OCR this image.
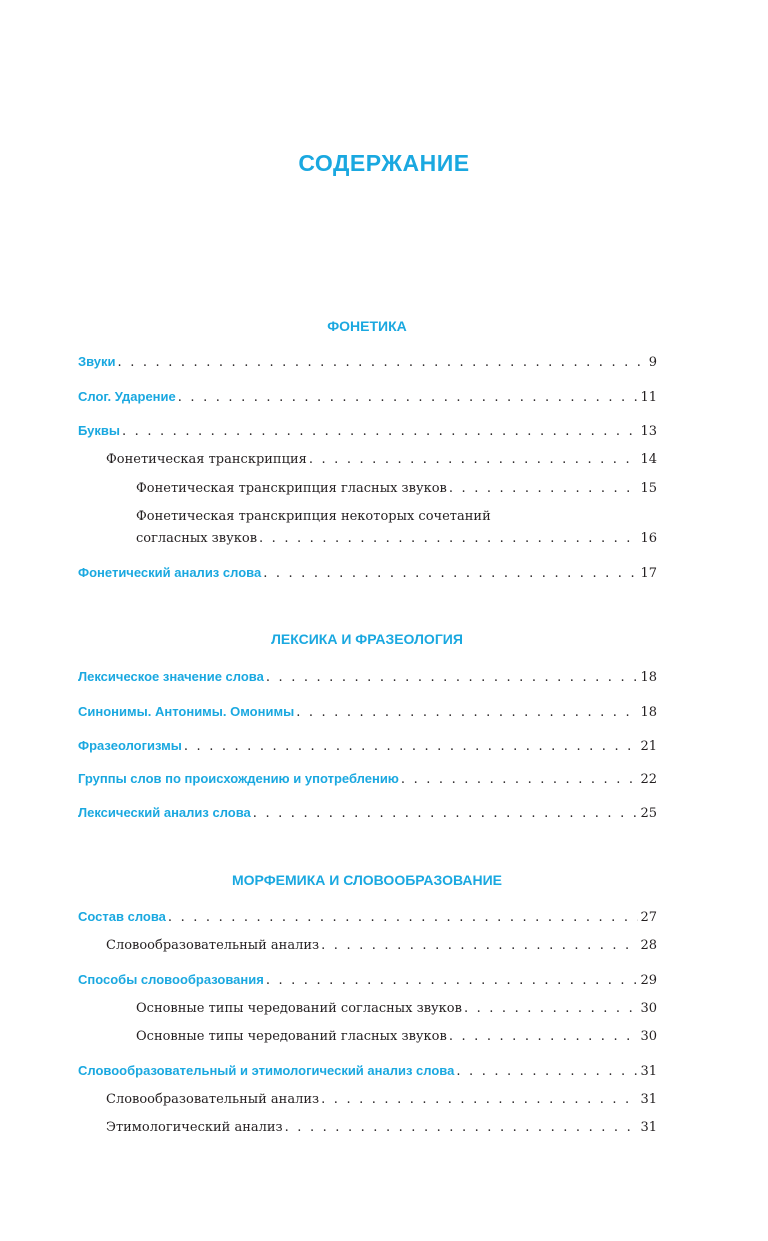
СОДЕРЖАНИЕ
ФОНЕТИКА
ЛЕКСИКА И ФРАЗЕОЛОГИЯ
МОРФЕМИКА И СЛОВООБРАЗОВАНИЕ
Звуки . . .	9
Слог. Ударение . . .	11
Буквы . . .	13
Фонетическая транскрипция . . .	14
Фонетическая транскрипция гласных звуков . . .	15
Фонетическая транскрипция некоторых сочетаний
согласных звуков . . .	16
Фонетический анализ слова . . .	17
Лексическое значение слова . . .	18
Синонимы. Антонимы. Омонимы . . .	18
Фразеологизмы . . .	21
Группы слов по происхождению и употреблению . . .	22
Лексический анализ слова . . .	25
Состав слова . . .	27
Словообразовательный анализ . . .	28
Способы словообразования . . .	29
Основные типы чередований согласных звуков . . .	30
Основные типы чередований гласных звуков . . .	30
Словообразовательный и этимологический анализ слова . . .	31
Словообразовательный анализ . . .	31
Этимологический анализ . . .	31
